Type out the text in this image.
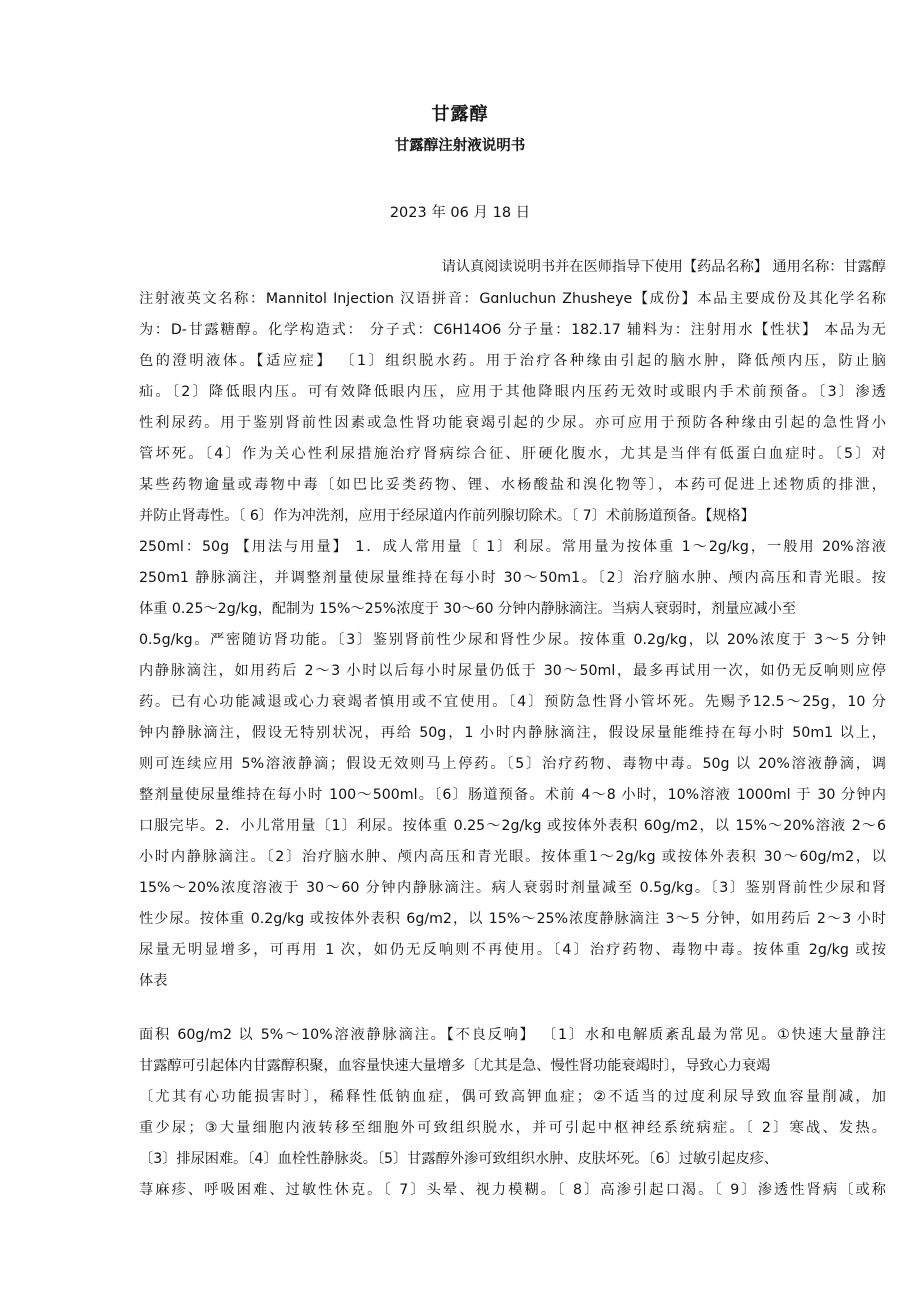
甘露醇
甘露醇注射液说明书
2023 年 06 月 18 日
请认真阅读说明书并在医师指导下使用【药品名称】 通用名称：甘露醇
注射液英文名称：Mannitol Injection 汉语拼音：Gɑnluchun Zhusheye【成份】本品主要成份及其化学名称
为：D-甘露糖醇。化学构造式： 分子式：C6H14O6 分子量：182.17 辅料为：注射用水【性状】 本品为无
色的澄明液体。【适应症】 〔1〕组织脱水药。用于治疗各种缘由引起的脑水肿，降低颅内压，防止脑
疝。〔2〕降低眼内压。可有效降低眼内压，应用于其他降眼内压药无效时或眼内手术前预备。〔3〕渗透
性利尿药。用于鉴别肾前性因素或急性肾功能衰竭引起的少尿。亦可应用于预防各种缘由引起的急性肾小
管坏死。〔4〕作为关心性利尿措施治疗肾病综合征、肝硬化腹水，尤其是当伴有低蛋白血症时。〔5〕对
某些药物逾量或毒物中毒〔如巴比妥类药物、锂、水杨酸盐和溴化物等〕，本药可促进上述物质的排泄，
并防止肾毒性。〔 6〕作为冲洗剂，应用于经尿道内作前列腺切除术。〔 7〕术前肠道预备。【规格】
250ml：50g 【用法与用量】 1．成人常用量〔 1〕利尿。常用量为按体重 1～2g/kg，一般用 20%溶液
250m1 静脉滴注，并调整剂量使尿量维持在每小时 30～50m1。〔2〕治疗脑水肿、颅内高压和青光眼。按
体重 0.25～2g/kg，配制为 15%～25%浓度于 30～60 分钟内静脉滴注。当病人衰弱时，剂量应减小至
0.5g/kg。严密随访肾功能。〔3〕鉴别肾前性少尿和肾性少尿。按体重 0.2g/kg，以 20%浓度于 3～5 分钟
内静脉滴注，如用药后 2～3 小时以后每小时尿量仍低于 30～50ml，最多再试用一次，如仍无反响则应停
药。已有心功能减退或心力衰竭者慎用或不宜使用。〔4〕预防急性肾小管坏死。先赐予12.5～25g，10 分
钟内静脉滴注，假设无特别状况，再给 50g，1 小时内静脉滴注，假设尿量能维持在每小时 50m1 以上，
则可连续应用 5%溶液静滴；假设无效则马上停药。〔5〕治疗药物、毒物中毒。50g 以 20%溶液静滴，调
整剂量使尿量维持在每小时 100～500ml。〔6〕肠道预备。术前 4～8 小时，10%溶液 1000ml 于 30 分钟内
口服完毕。2．小儿常用量〔1〕利尿。按体重 0.25～2g/kg 或按体外表积 60g/m2，以 15%～20%溶液 2～6
小时内静脉滴注。〔2〕治疗脑水肿、颅内高压和青光眼。按体重1～2g/kg 或按体外表积 30～60g/m2，以
15%～20%浓度溶液于 30～60 分钟内静脉滴注。病人衰弱时剂量减至 0.5g/kg。〔3〕鉴别肾前性少尿和肾
性少尿。按体重 0.2g/kg 或按体外表积 6g/m2，以 15%～25%浓度静脉滴注 3～5 分钟，如用药后 2～3 小时
尿量无明显增多，可再用 1 次，如仍无反响则不再使用。〔4〕治疗药物、毒物中毒。按体重 2g/kg 或按
体表
面积 60g/m2 以 5%～10%溶液静脉滴注。【不良反响】 〔1〕水和电解质紊乱最为常见。①快速大量静注
甘露醇可引起体内甘露醇积聚，血容量快速大量增多〔尤其是急、慢性肾功能衰竭时〕，导致心力衰竭
〔尤其有心功能损害时〕，稀释性低钠血症，偶可致高钾血症；②不适当的过度利尿导致血容量削减，加
重少尿；③大量细胞内液转移至细胞外可致组织脱水，并可引起中枢神经系统病症。〔 2〕寒战、发热。
〔3〕排尿困难。〔4〕血栓性静脉炎。〔5〕甘露醇外渗可致组织水肿、皮肤坏死。〔6〕过敏引起皮疹、
荨麻疹、呼吸困难、过敏性休克。〔 7〕头晕、视力模糊。〔 8〕高渗引起口渴。〔 9〕渗透性肾病〔或称
